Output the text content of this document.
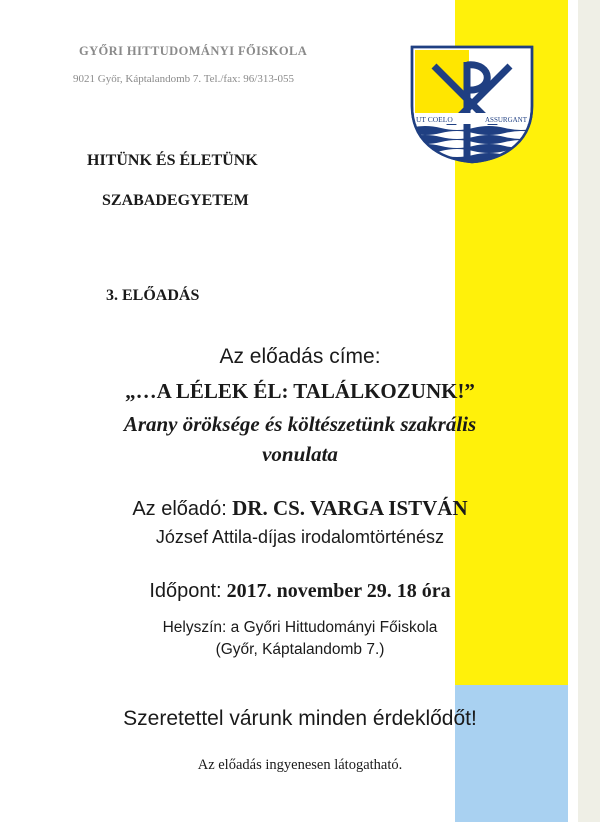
GYŐRI HITTUDOMÁNYI FŐISKOLA
9021 Győr, Káptalandomb 7. Tel./fax: 96/313-055
UT COELO	ASSURGANT
HITÜNK ÉS ÉLETÜNK
SZABADEGYETEM
3. ELŐADÁS
Az előadás címe:
„…A LÉLEK ÉL: TALÁLKOZUNK!”
Arany öröksége és költészetünk szakrális
vonulata
Az előadó: DR. CS. VARGA ISTVÁN
József Attila-díjas irodalomtörténész
Időpont: 2017. november 29. 18 óra
Helyszín: a Győri Hittudományi Főiskola
(Győr, Káptalandomb 7.)
Szeretettel várunk minden érdeklődőt!
Az előadás ingyenesen látogatható.
